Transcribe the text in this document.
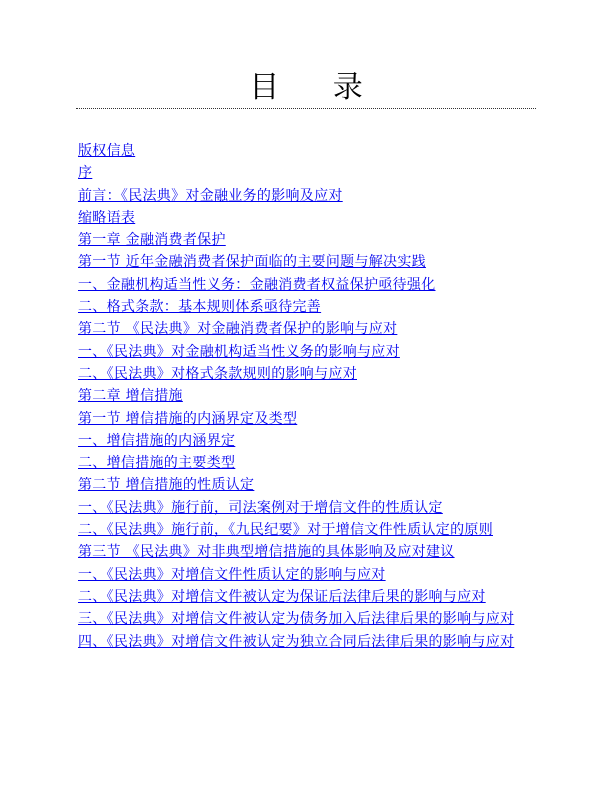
目 录
版权信息
序
前言：《民法典》对金融业务的影响及应对
缩略语表
第一章 金融消费者保护
第一节 近年金融消费者保护面临的主要问题与解决实践
一、金融机构适当性义务：金融消费者权益保护亟待强化
二、格式条款：基本规则体系亟待完善
第二节 《民法典》对金融消费者保护的影响与应对
一、《民法典》对金融机构适当性义务的影响与应对
二、《民法典》对格式条款规则的影响与应对
第二章 增信措施
第一节 增信措施的内涵界定及类型
一、增信措施的内涵界定
二、增信措施的主要类型
第二节 增信措施的性质认定
一、《民法典》施行前，司法案例对于增信文件的性质认定
二、《民法典》施行前，《九民纪要》对于增信文件性质认定的原则
第三节 《民法典》对非典型增信措施的具体影响及应对建议
一、《民法典》对增信文件性质认定的影响与应对
二、《民法典》对增信文件被认定为保证后法律后果的影响与应对
三、《民法典》对增信文件被认定为债务加入后法律后果的影响与应对
四、《民法典》对增信文件被认定为独立合同后法律后果的影响与应对
